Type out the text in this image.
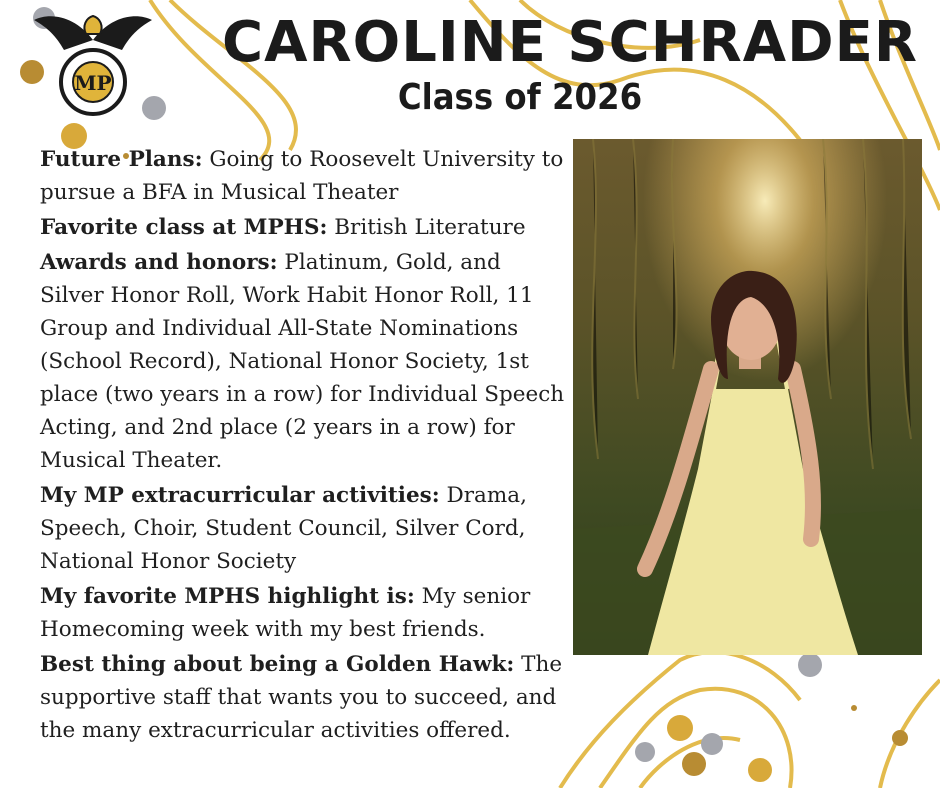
MP
CAROLINE SCHRADER
Class of 2026

Future Plans: Going to Roosevelt University to pursue a BFA in Musical Theater

Favorite class at MPHS: British Literature

Awards and honors: Platinum, Gold, and Silver Honor Roll, Work Habit Honor Roll, 11 Group and Individual All-State Nominations (School Record), National Honor Society, 1st place (two years in a row) for Individual Speech Acting, and 2nd place (2 years in a row) for Musical Theater.

My MP extracurricular activities: Drama, Speech, Choir, Student Council, Silver Cord, National Honor Society

My favorite MPHS highlight is: My senior Homecoming week with my best friends.

Best thing about being a Golden Hawk: The supportive staff that wants you to succeed, and the many extracurricular activities offered.
